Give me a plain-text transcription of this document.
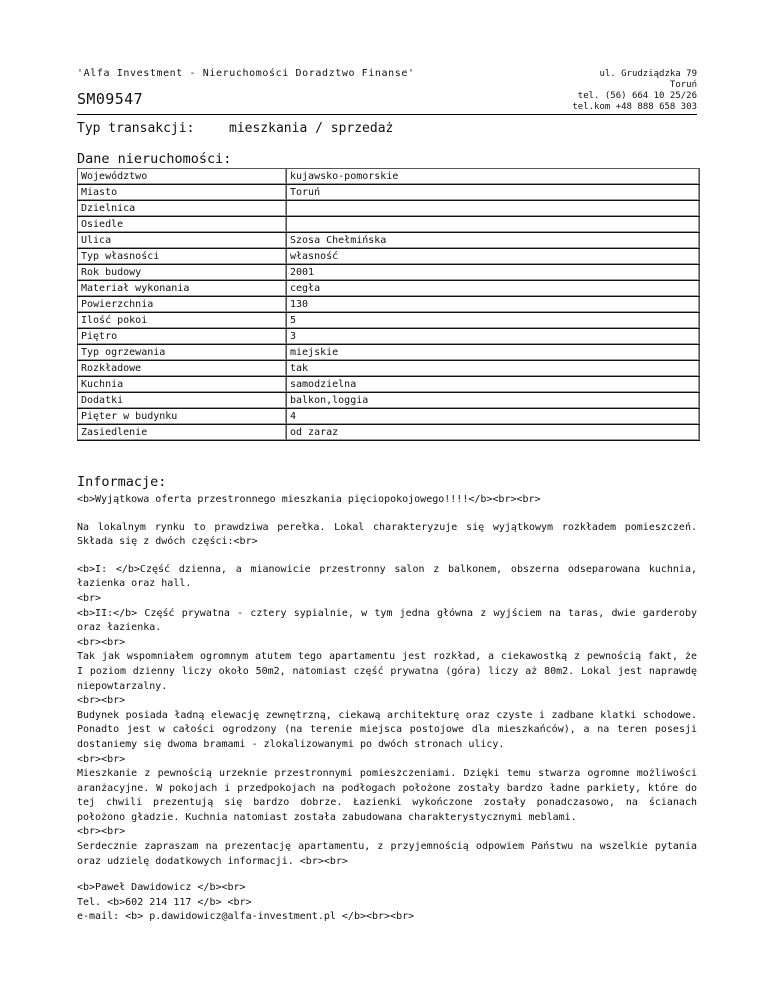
'Alfa Investment - Nieruchomości Doradztwo Finanse'
SM09547
ul. Grudziądzka 79
Toruń
tel. (56) 664 10 25/26
tel.kom +48 888 658 303
Typ transakcji:	mieszkania / sprzedaż
Dane nieruchomości:
Województwo	kujawsko-pomorskie
Miasto	Toruń
Dzielnica	
Osiedle	
Ulica	Szosa Chełmińska
Typ własności	własność
Rok budowy	2001
Materiał wykonania	cegła
Powierzchnia	130
Ilość pokoi	5
Piętro	3
Typ ogrzewania	miejskie
Rozkładowe	tak
Kuchnia	samodzielna
Dodatki	balkon,loggia
Pięter w budynku	4
Zasiedlenie	od zaraz
Informacje:

<b>Wyjątkowa oferta przestronnego mieszkania pięciopokojowego!!!!</b><br><br>

Na lokalnym rynku to prawdziwa perełka. Lokal charakteryzuje się wyjątkowym rozkładem pomieszczeń. Składa się z dwóch części:<br>

<b>I: </b>Część dzienna, a mianowicie przestronny salon z balkonem, obszerna odseparowana kuchnia, łazienka oraz hall.
<br>
<b>II:</b> Część prywatna - cztery sypialnie, w tym jedna główna z wyjściem na taras, dwie garderoby oraz łazienka.
<br><br>
Tak jak wspomniałem ogromnym atutem tego apartamentu jest rozkład, a ciekawostką z pewnością fakt, że I poziom dzienny liczy około 50m2, natomiast część prywatna (góra) liczy aż 80m2. Lokal jest naprawdę niepowtarzalny.
<br><br>
Budynek posiada ładną elewację zewnętrzną, ciekawą architekturę oraz czyste i zadbane klatki schodowe. Ponadto jest w całości ogrodzony (na terenie miejsca postojowe dla mieszkańców), a na teren posesji dostaniemy się dwoma bramami - zlokalizowanymi po dwóch stronach ulicy.
<br><br>
Mieszkanie z pewnością urzeknie przestronnymi pomieszczeniami. Dzięki temu stwarza ogromne możliwości aranżacyjne. W pokojach i przedpokojach na podłogach położone zostały bardzo ładne parkiety, które do tej chwili prezentują się bardzo dobrze. Łazienki wykończone zostały ponadczasowo, na ścianach położono gładzie. Kuchnia natomiast została zabudowana charakterystycznymi meblami.
<br><br>
Serdecznie zapraszam na prezentację apartamentu, z przyjemnością odpowiem Państwu na wszelkie pytania oraz udzielę dodatkowych informacji. <br><br>

<b>Paweł Dawidowicz </b><br>
Tel. <b>602 214 117 </b> <br>
e-mail: <b> p.dawidowicz@alfa-investment.pl </b><br><br>
